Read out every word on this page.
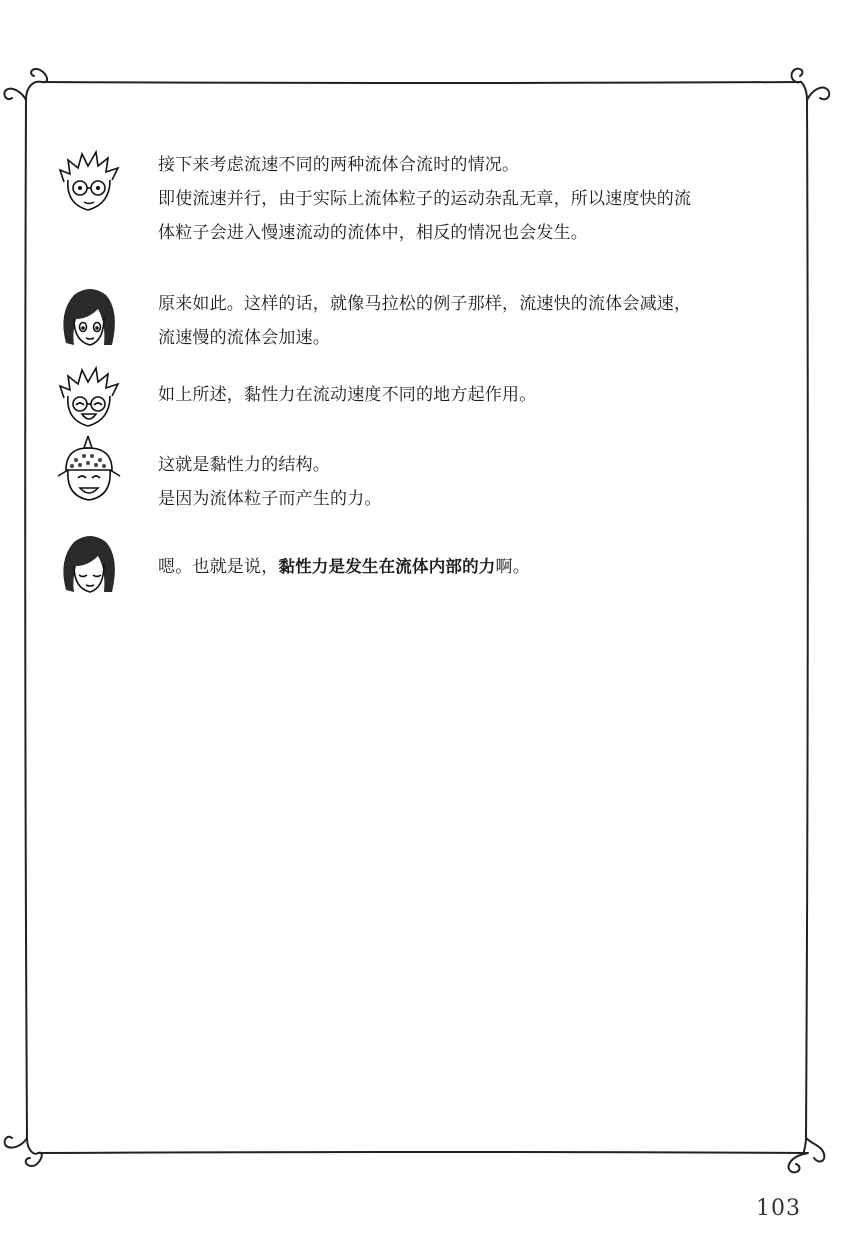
接下来考虑流速不同的两种流体合流时的情况。

即使流速并行，由于实际上流体粒子的运动杂乱无章，所以速度快的流

体粒子会进入慢速流动的流体中，相反的情况也会发生。

原来如此。这样的话，就像马拉松的例子那样，流速快的流体会减速，

流速慢的流体会加速。

如上所述，黏性力在流动速度不同的地方起作用。

这就是黏性力的结构。

是因为流体粒子而产生的力。

嗯。也就是说，黏性力是发生在流体内部的力啊。

103
